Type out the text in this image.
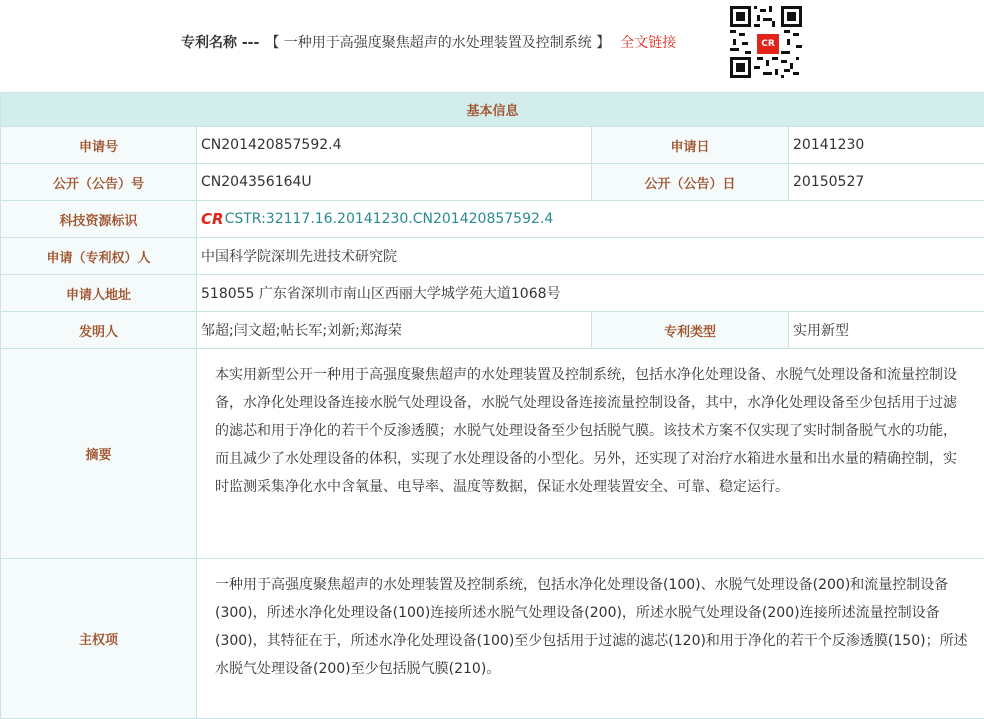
专利名称 --- 【 一种用于高强度聚焦超声的水处理装置及控制系统 】 全文链接	CR
基本信息			
申请号	CN201420857592.4	申请日	20141230
公开（公告）号	CN204356164U	公开（公告）日	20150527
科技资源标识	CR CSTR:32117.16.20141230.CN201420857592.4		

申请（专利权）人	中国科学院深圳先进技术研究院		
申请人地址	518055 广东省深圳市南山区西丽大学城学苑大道1068号		
发明人	邹超;闫文超;帖长军;刘新;郑海荣	专利类型	实用新型
摘要	本实用新型公开一种用于高强度聚焦超声的水处理装置及控制系统，包括水净化处理设备、水脱气处理设备和流量控制设备，水净化处理设备连接水脱气处理设备，水脱气处理设备连接流量控制设备，其中，水净化处理设备至少包括用于过滤的滤芯和用于净化的若干个反渗透膜；水脱气处理设备至少包括脱气膜。该技术方案不仅实现了实时制备脱气水的功能，而且减少了水处理设备的体积，实现了水处理设备的小型化。另外，还实现了对治疗水箱进水量和出水量的精确控制，实时监测采集净化水中含氧量、电导率、温度等数据，保证水处理装置安全、可靠、稳定运行。		
主权项	一种用于高强度聚焦超声的水处理装置及控制系统，包括水净化处理设备(100)、水脱气处理设备(200)和流量控制设备(300)，所述水净化处理设备(100)连接所述水脱气处理设备(200)，所述水脱气处理设备(200)连接所述流量控制设备(300)，其特征在于，所述水净化处理设备(100)至少包括用于过滤的滤芯(120)和用于净化的若干个反渗透膜(150)；所述水脱气处理设备(200)至少包括脱气膜(210)。		
